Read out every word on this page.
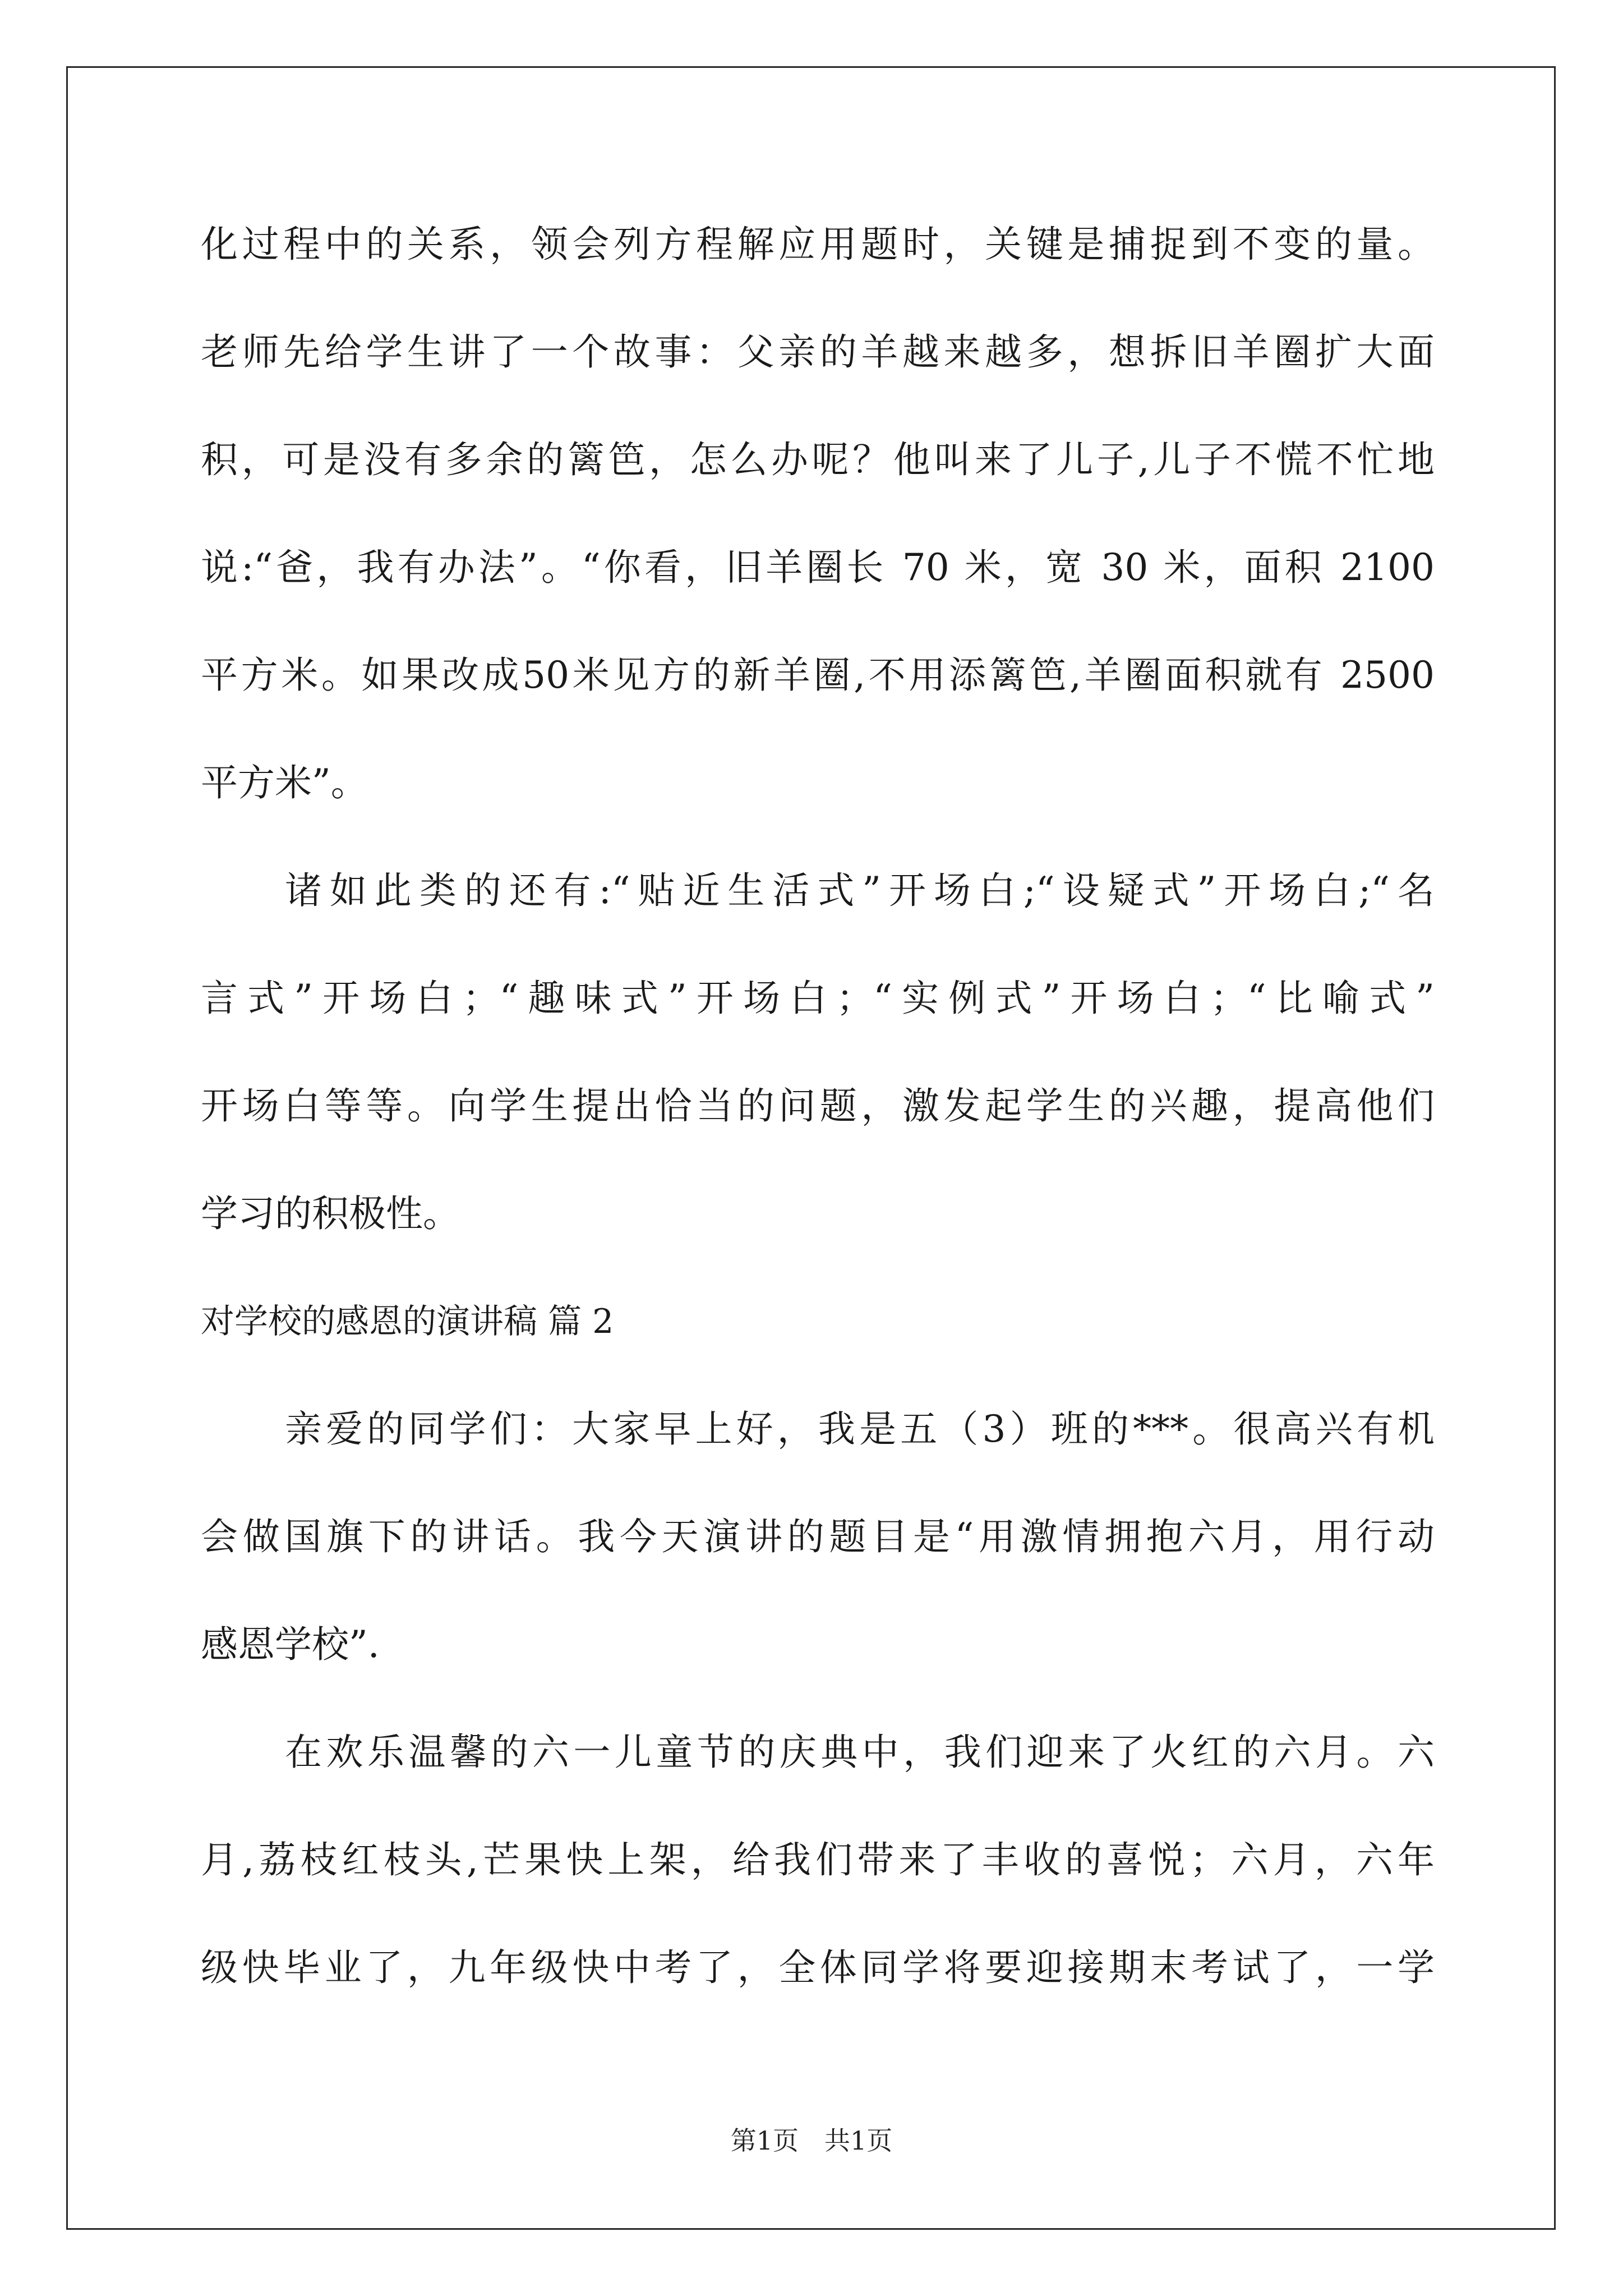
化过程中的关系，领会列方程解应用题时，关键是捕捉到不变的量。
老师先给学生讲了一个故事：父亲的羊越来越多，想拆旧羊圈扩大面
积，可是没有多余的篱笆，怎么办呢？他叫来了儿子,儿子不慌不忙地
说:“爸，我有办法”。“你看，旧羊圈长 70 米，宽 30 米，面积 2100
平方米。如果改成50米见方的新羊圈,不用添篱笆,羊圈面积就有 2500
平方米”。
诸如此类的还有:“贴近生活式”开场白;“设疑式”开场白;“名
言式”开场白；“趣味式”开场白；“实例式”开场白；“比喻式”
开场白等等。向学生提出恰当的问题，激发起学生的兴趣，提高他们
学习的积极性。
对学校的感恩的演讲稿 篇 2
亲爱的同学们：大家早上好，我是五（3）班的***。很高兴有机
会做国旗下的讲话。我今天演讲的题目是“用激情拥抱六月，用行动
感恩学校”.
在欢乐温馨的六一儿童节的庆典中，我们迎来了火红的六月。六
月,荔枝红枝头,芒果快上架，给我们带来了丰收的喜悦；六月，六年
级快毕业了，九年级快中考了，全体同学将要迎接期末考试了，一学
第1页　共1页
